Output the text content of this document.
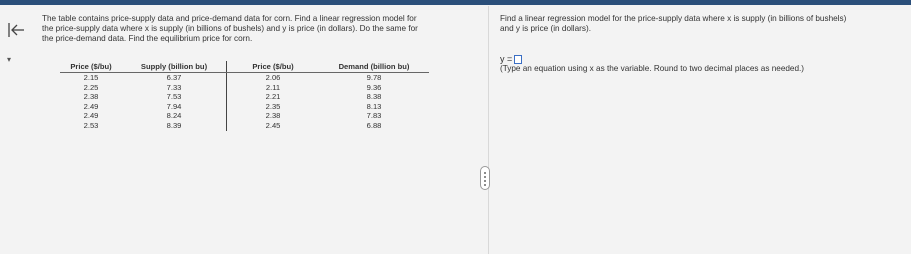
The table contains price-supply data and price-demand data for corn. Find a linear regression model for

the price-supply data where x is supply (in billions of bushels) and y is price (in dollars). Do the same for

the price-demand data. Find the equilibrium price for corn.

▾
Price ($/bu)	Supply (billion bu)	Price ($/bu)	Demand (billion bu)
2.15	6.37	2.06	9.78
2.25	7.33	2.11	9.36
2.38	7.53	2.21	8.38
2.49	7.94	2.35	8.13
2.49	8.24	2.38	7.83
2.53	8.39	2.45	6.88

Find a linear regression model for the price-supply data where x is supply (in billions of bushels)

and y is price (in dollars).

y =
(Type an equation using x as the variable. Round to two decimal places as needed.)
